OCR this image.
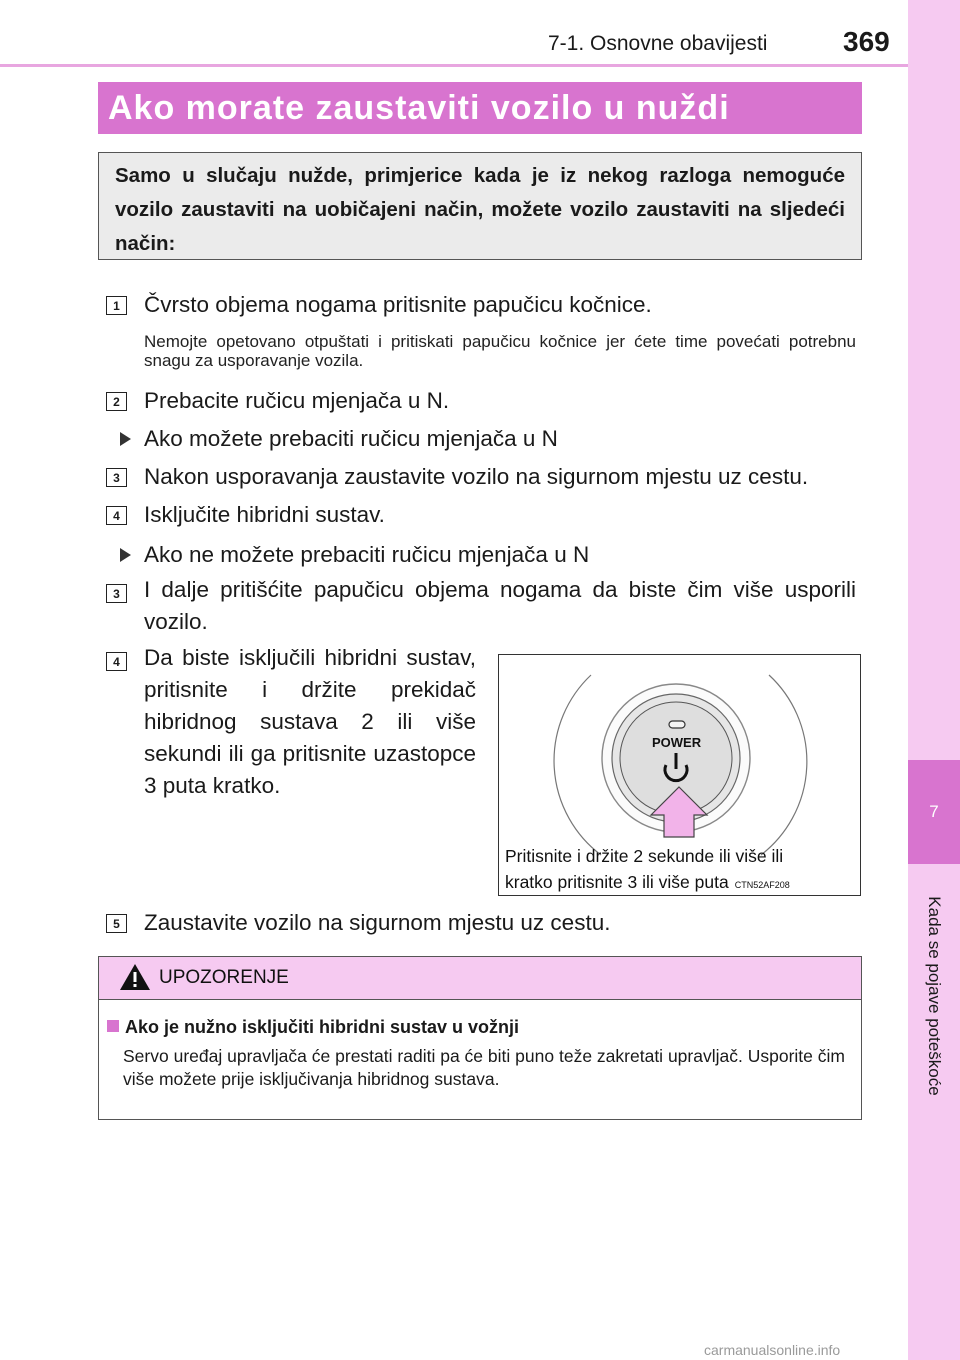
7-1. Osnovne obavijesti	369
7
Kada se pojave poteškoće
Ako morate zaustaviti vozilo u nuždi
Samo u slučaju nužde, primjerice kada je iz nekog razloga nemoguće vozilo zaustaviti na uobičajeni način, možete vozilo zaustaviti na sljedeći način:
1	Čvrsto objema nogama pritisnite papučicu kočnice.
Nemojte opetovano otpuštati i pritiskati papučicu kočnice jer ćete time povećati potrebnu snagu za usporavanje vozila.
2	Prebacite ručicu mjenjača u N.
Ako možete prebaciti ručicu mjenjača u N
3	Nakon usporavanja zaustavite vozilo na sigurnom mjestu uz cestu.
4	Isključite hibridni sustav.
Ako ne možete prebaciti ručicu mjenjača u N
3	I dalje pritišćite papučicu objema nogama da biste čim više usporili vozilo.
4	Da biste isključili hibridni sustav, pritisnite i držite prekidač hibridnog sustava 2 ili više sekundi ili ga pritisnite uzastopce 3 puta kratko.
POWER
Pritisnite i držite 2 sekunde ili više ili
kratko pritisnite 3 ili više puta CTN52AF208
5	Zaustavite vozilo na sigurnom mjestu uz cestu.
UPOZORENJE
Ako je nužno isključiti hibridni sustav u vožnji
Servo uređaj upravljača će prestati raditi pa će biti puno teže zakretati upravljač. Usporite čim više možete prije isključivanja hibridnog sustava.
carmanualsonline.info
